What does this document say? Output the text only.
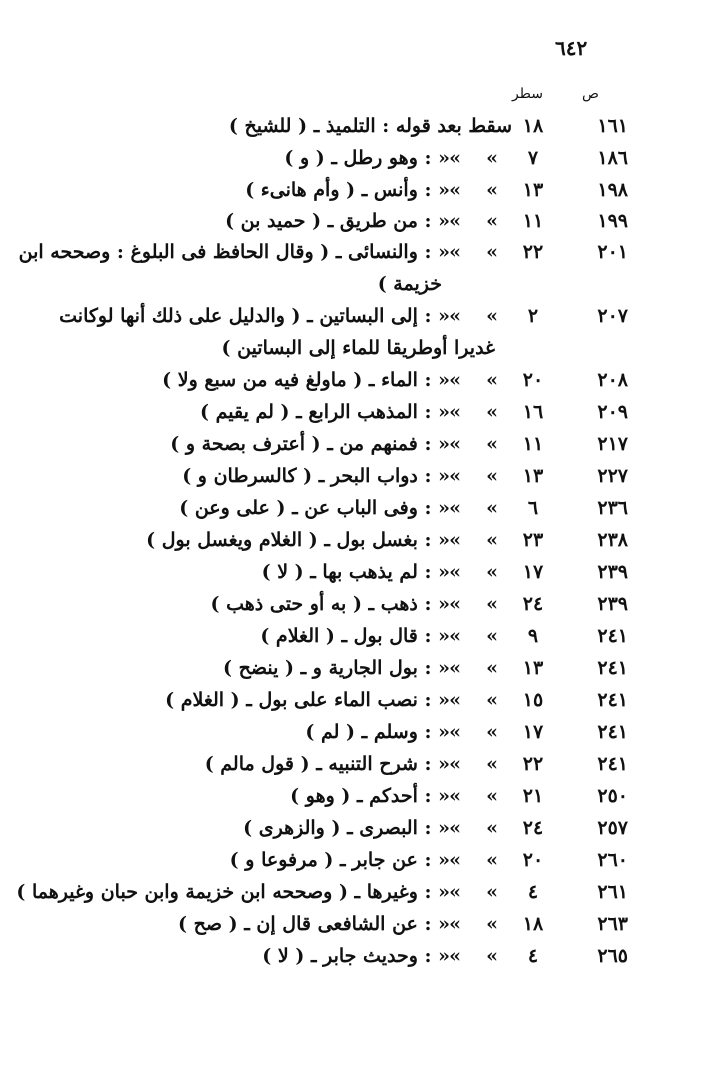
٦٤٢
ص
سطر
١٦١
١٨
سقط بعد قوله : التلميذ ـ ( للشيخ )
١٨٦
٧
»
»
« : وهو رطل ـ ( و )
١٩٨
١٣
»
»
« : وأنس ـ ( وأم هانىء )
١٩٩
١١
»
»
« : من طريق ـ ( حميد بن )
٢٠١
٢٢
»
»
« : والنسائى ـ ( وقال الحافظ فى البلوغ : وصححه ابن
خزيمة )
٢٠٧
٢
»
»
« : إلى البساتين ـ ( والدليل على ذلك أنها لوكانت
غديرا أوطريقا للماء إلى البساتين )
٢٠٨
٢٠
»
»
« : الماء ـ ( ماولغ فيه من سبع ولا )
٢٠٩
١٦
»
»
« : المذهب الرابع ـ ( لم يقيم )
٢١٧
١١
»
»
« : فمنهم من ـ ( أعترف بصحة و )
٢٢٧
١٣
»
»
« : دواب البحر ـ ( كالسرطان و )
٢٣٦
٦
»
»
« : وفى الباب عن ـ ( على وعن )
٢٣٨
٢٣
»
»
« : بغسل بول ـ ( الغلام ويغسل بول )
٢٣٩
١٧
»
»
« : لم يذهب بها ـ ( لا )
٢٣٩
٢٤
»
»
« : ذهب ـ ( به أو حتى ذهب )
٢٤١
٩
»
»
« : قال بول ـ ( الغلام )
٢٤١
١٣
»
»
« : بول الجارية و ـ ( ينضح )
٢٤١
١٥
»
»
« : نصب الماء على بول ـ ( الغلام )
٢٤١
١٧
»
»
« : وسلم ـ ( لم )
٢٤١
٢٢
»
»
« : شرح التنبيه ـ ( قول مالم )
٢٥٠
٢١
»
»
« : أحدكم ـ ( وهو )
٢٥٧
٢٤
»
»
« : البصرى ـ ( والزهرى )
٢٦٠
٢٠
»
»
« : عن جابر ـ ( مرفوعا و )
٢٦١
٤
»
»
« : وغيرها ـ ( وصححه ابن خزيمة وابن حبان وغيرهما )
٢٦٣
١٨
»
»
« : عن الشافعى قال إن ـ ( صح )
٢٦٥
٤
»
»
« : وحديث جابر ـ ( لا )
